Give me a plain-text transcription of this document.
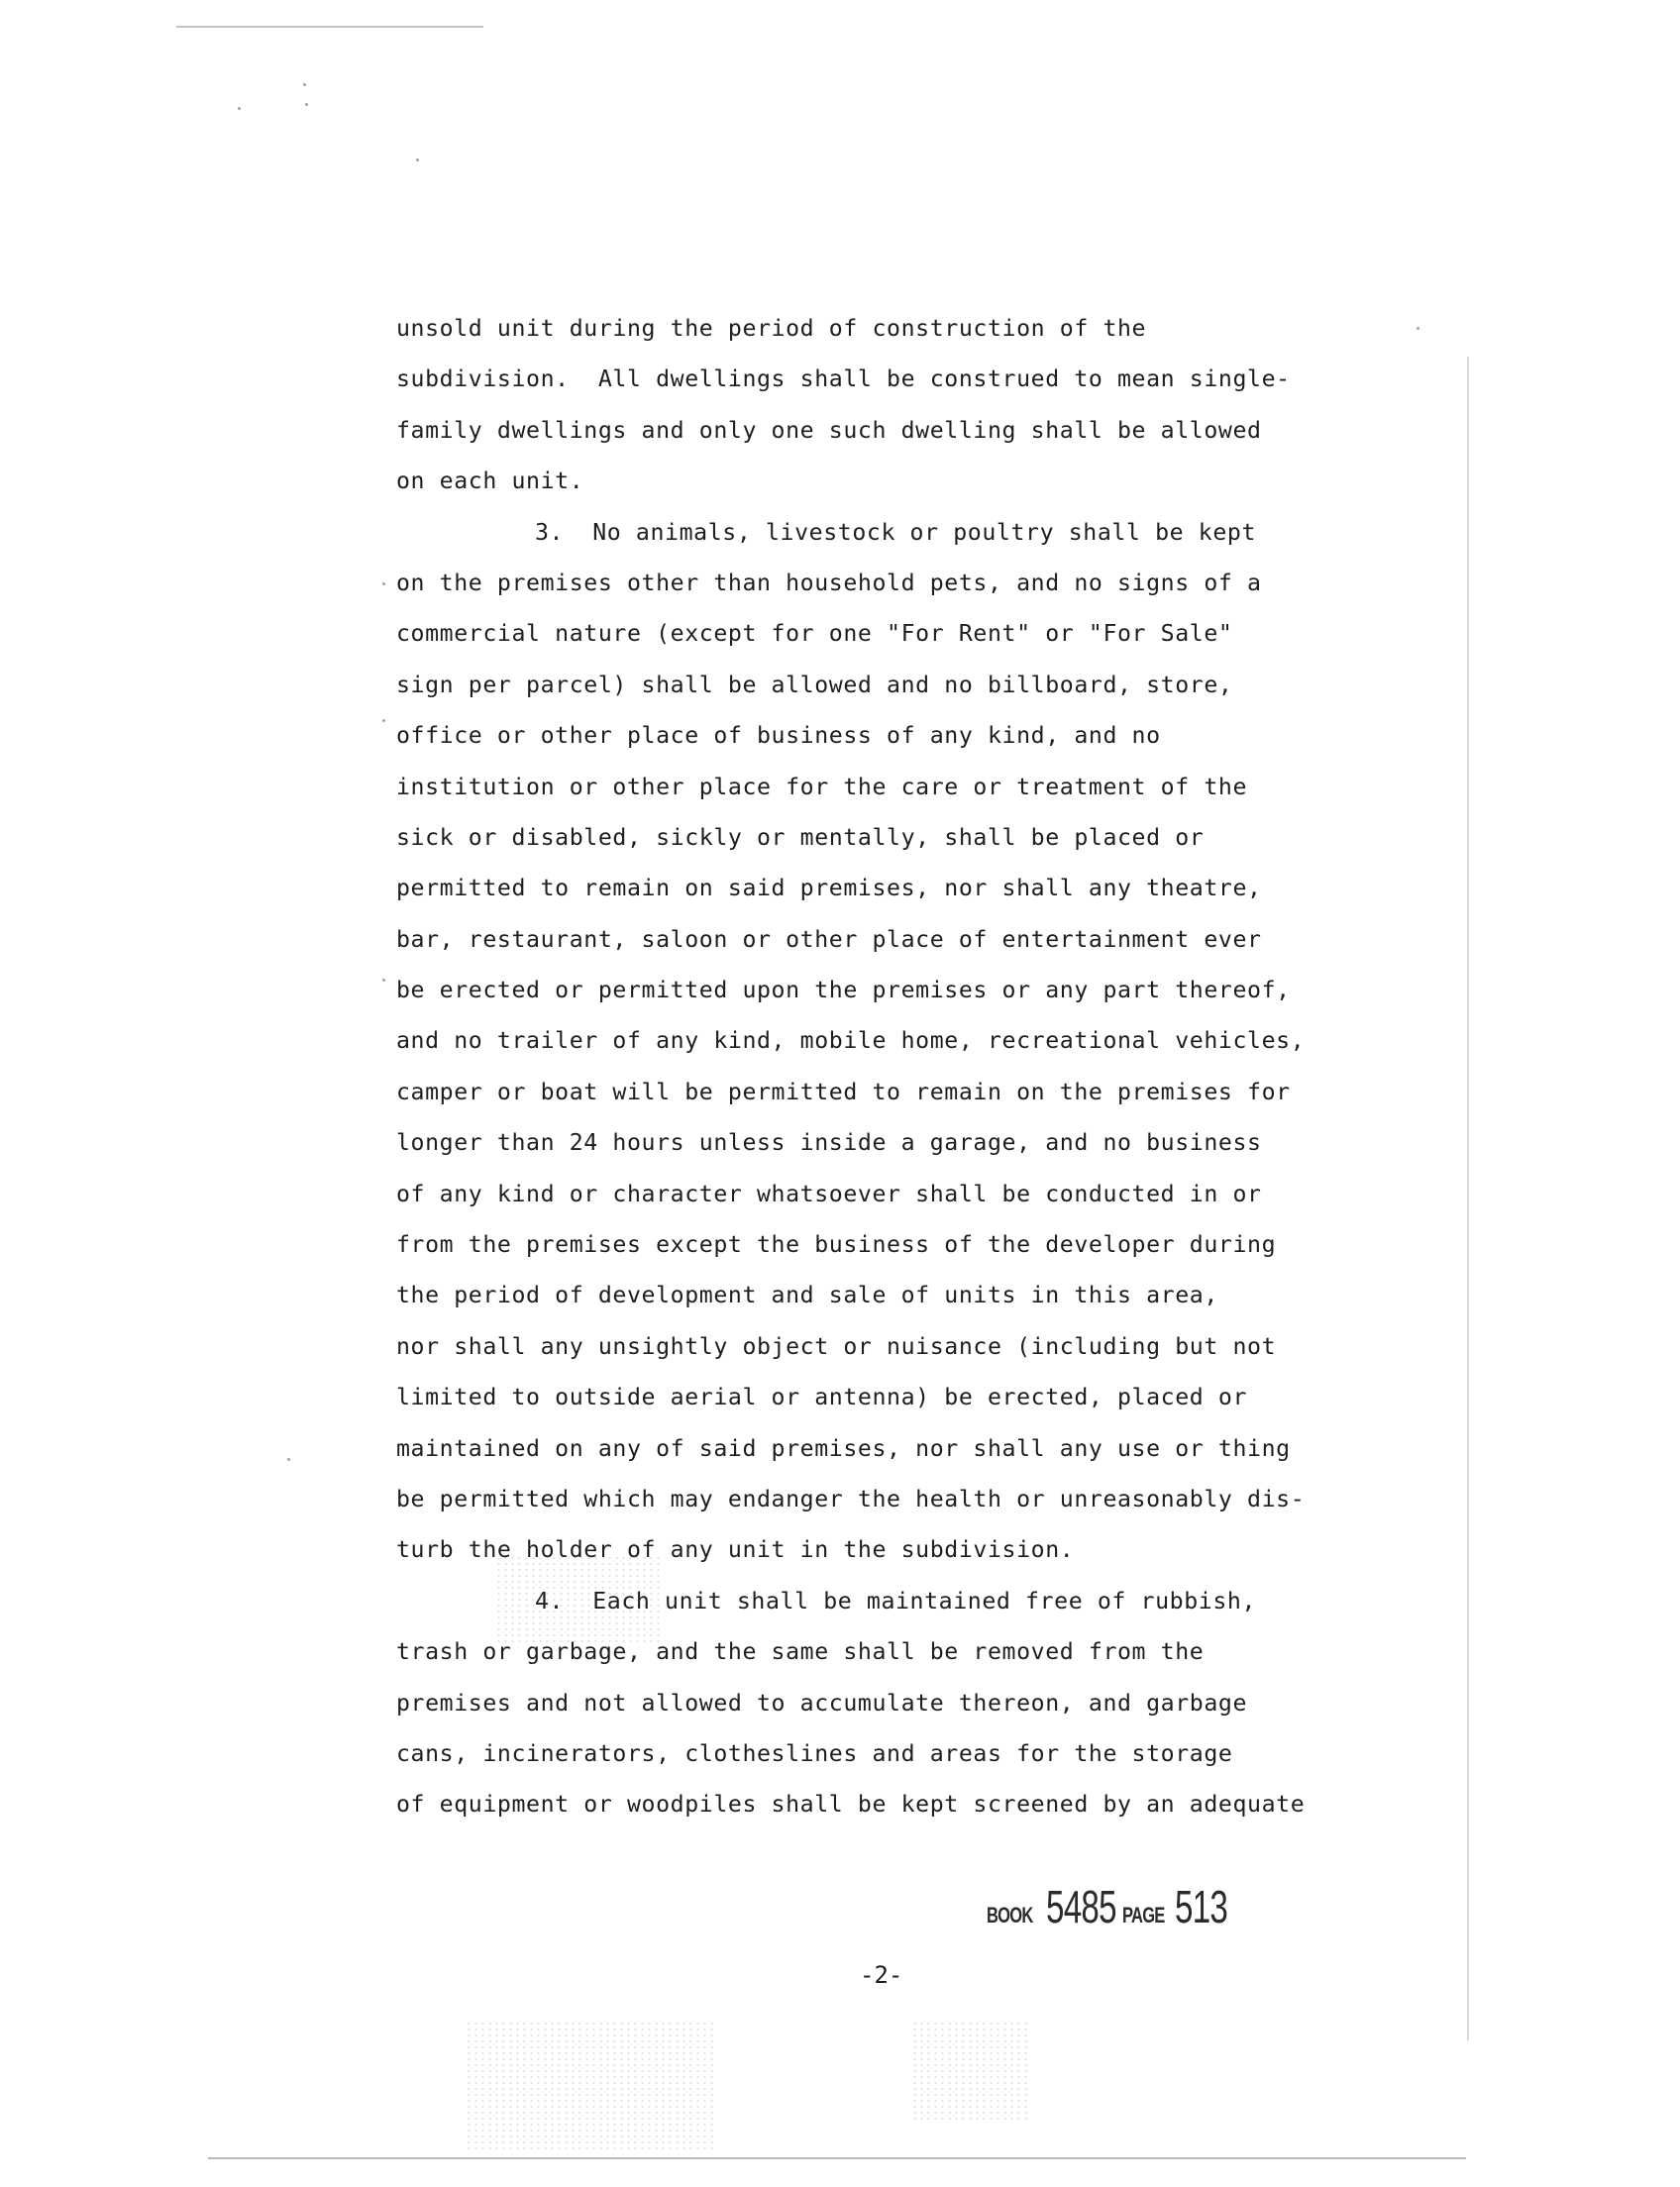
unsold unit during the period of construction of the
subdivision.  All dwellings shall be construed to mean single-
family dwellings and only one such dwelling shall be allowed
on each unit.
3.  No animals, livestock or poultry shall be kept
on the premises other than household pets, and no signs of a
commercial nature (except for one "For Rent" or "For Sale"
sign per parcel) shall be allowed and no billboard, store,
office or other place of business of any kind, and no
institution or other place for the care or treatment of the
sick or disabled, sickly or mentally, shall be placed or
permitted to remain on said premises, nor shall any theatre,
bar, restaurant, saloon or other place of entertainment ever
be erected or permitted upon the premises or any part thereof,
and no trailer of any kind, mobile home, recreational vehicles,
camper or boat will be permitted to remain on the premises for
longer than 24 hours unless inside a garage, and no business
of any kind or character whatsoever shall be conducted in or
from the premises except the business of the developer during
the period of development and sale of units in this area,
nor shall any unsightly object or nuisance (including but not
limited to outside aerial or antenna) be erected, placed or
maintained on any of said premises, nor shall any use or thing
be permitted which may endanger the health or unreasonably dis-
turb the holder of any unit in the subdivision.
4.  Each unit shall be maintained free of rubbish,
trash or garbage, and the same shall be removed from the
premises and not allowed to accumulate thereon, and garbage
cans, incinerators, clotheslines and areas for the storage
of equipment or woodpiles shall be kept screened by an adequate
BOOK 5485 PAGE 513
-2-
